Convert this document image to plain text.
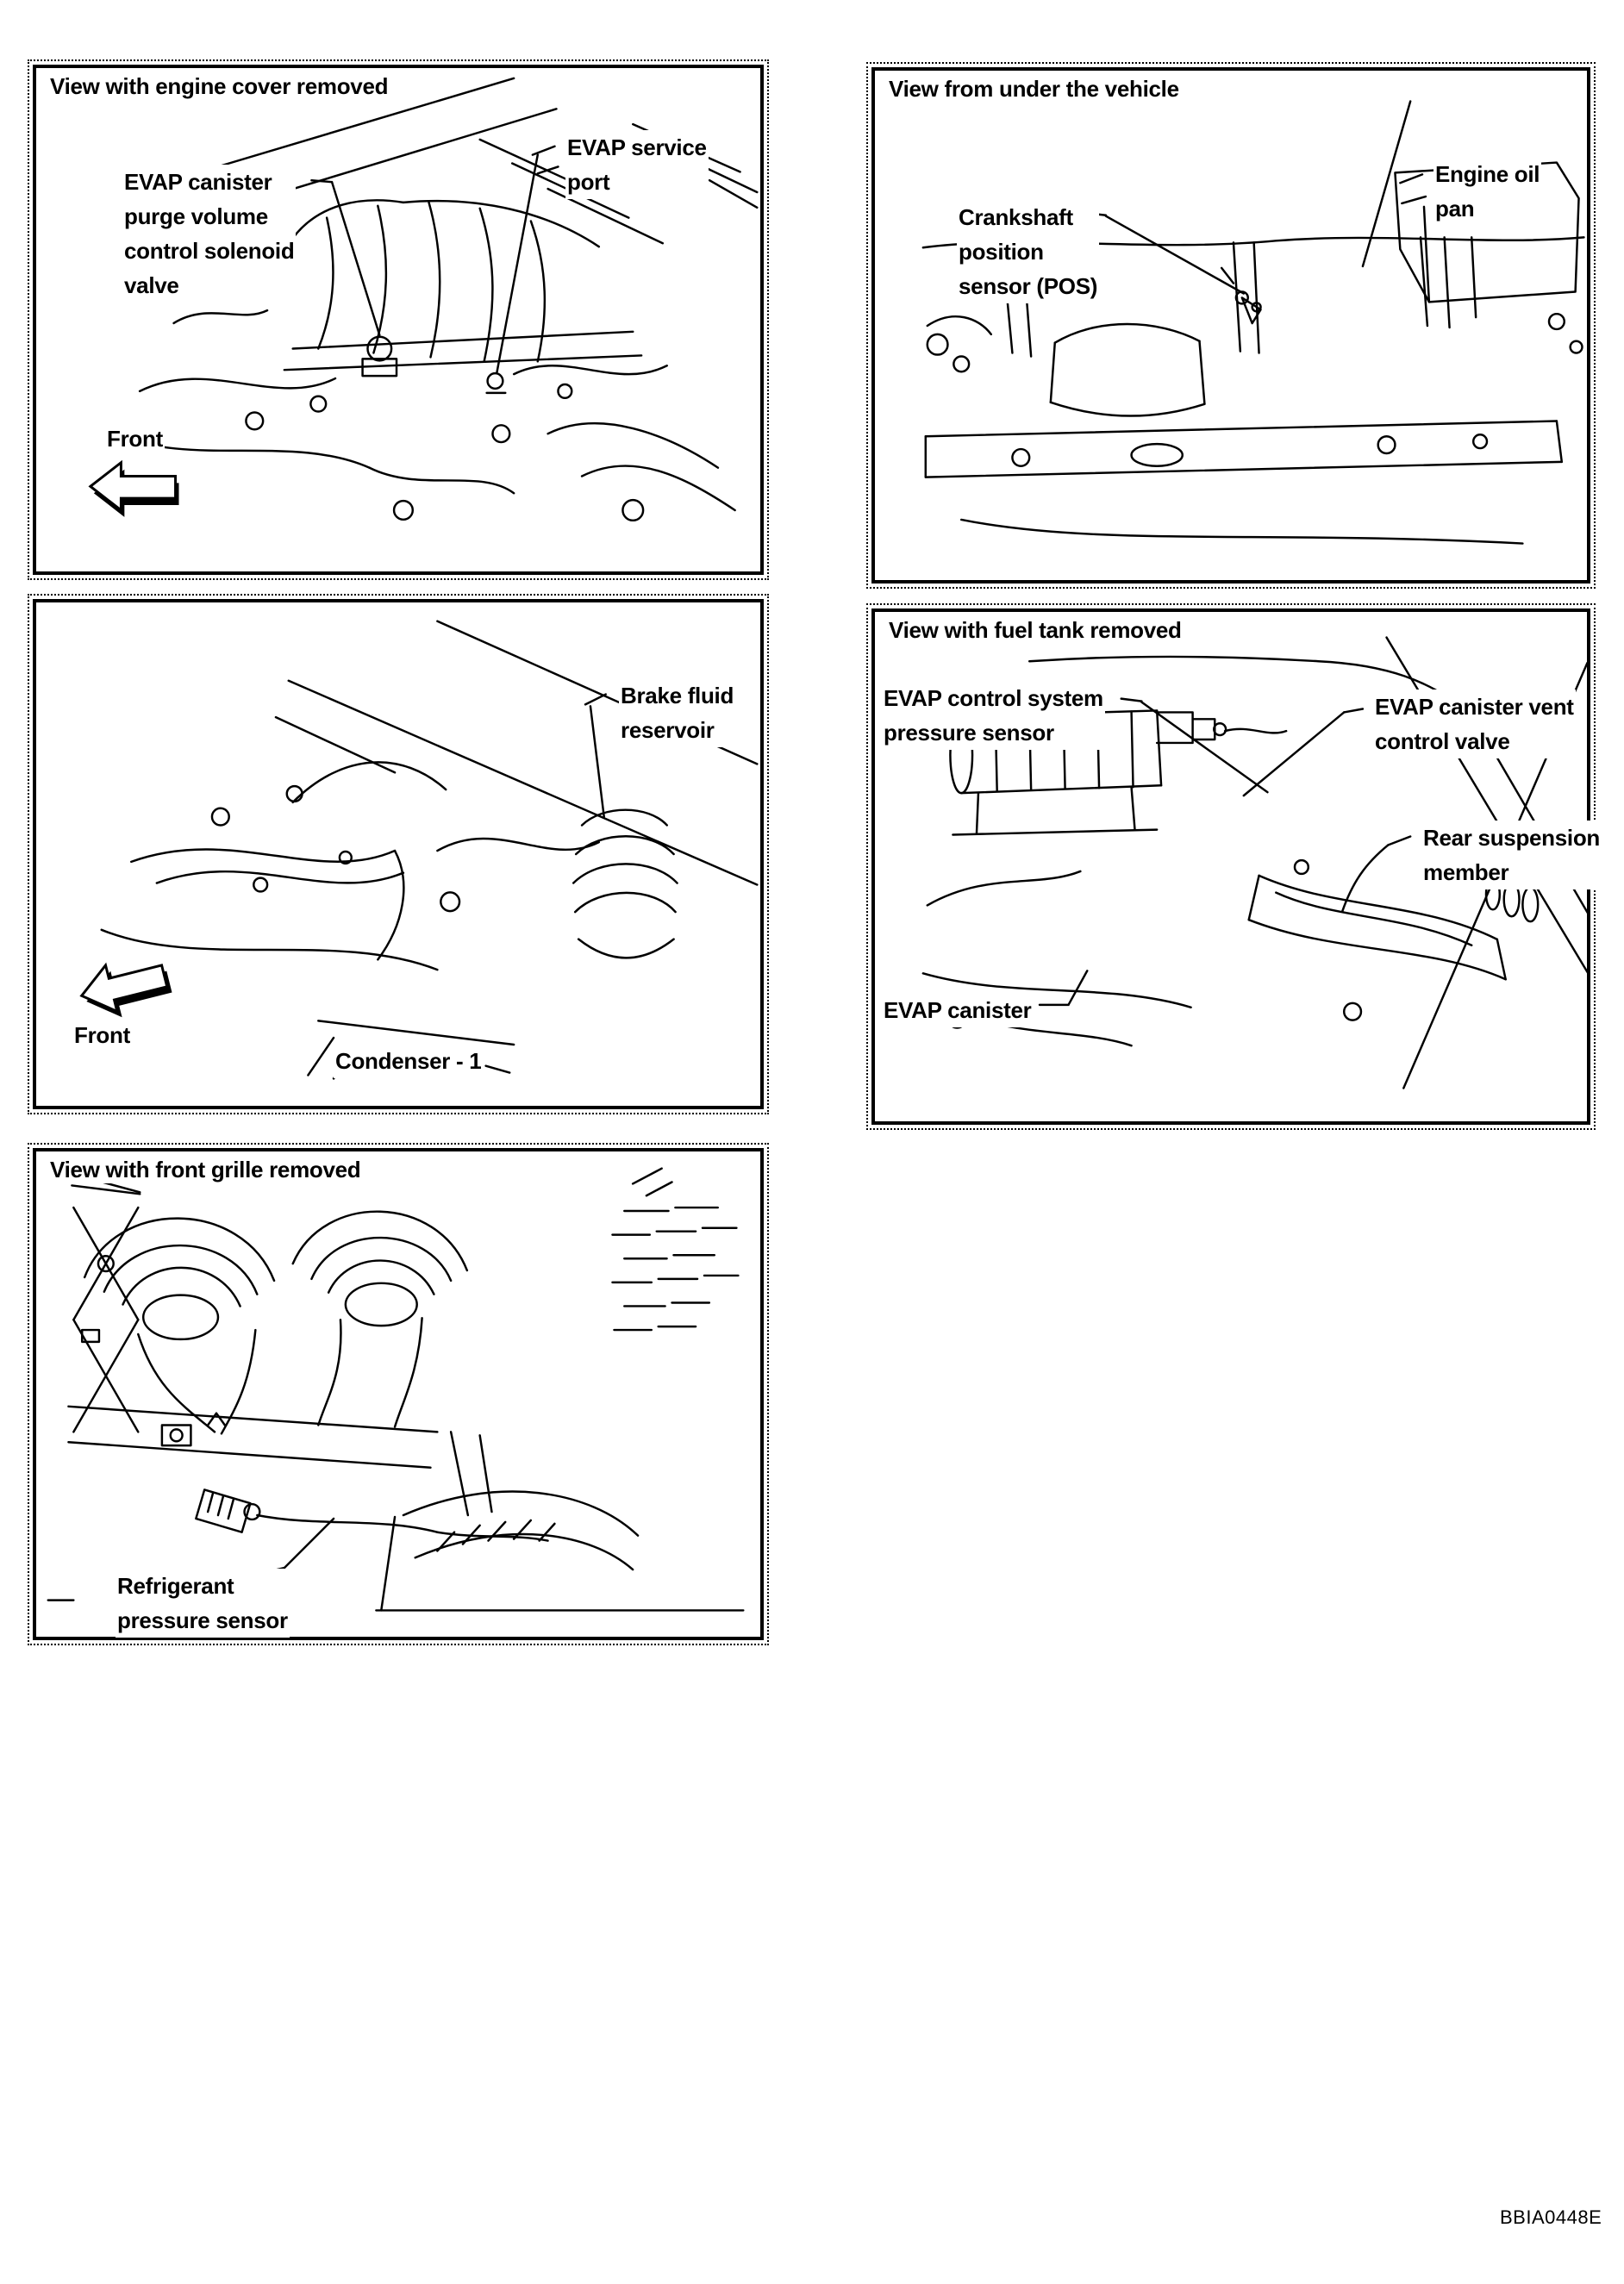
View with engine cover removed
EVAP canister
purge volume
control solenoid
valve
EVAP service
port
Front
View from under the vehicle
Crankshaft
position
sensor (POS)
Engine oil
pan
Brake fluid
reservoir
Front
Condenser - 1
View with fuel tank removed
EVAP control system
pressure sensor
EVAP canister vent
control valve
Rear suspension
member
EVAP canister
View with front grille removed
Refrigerant
pressure sensor
BBIA0448E
